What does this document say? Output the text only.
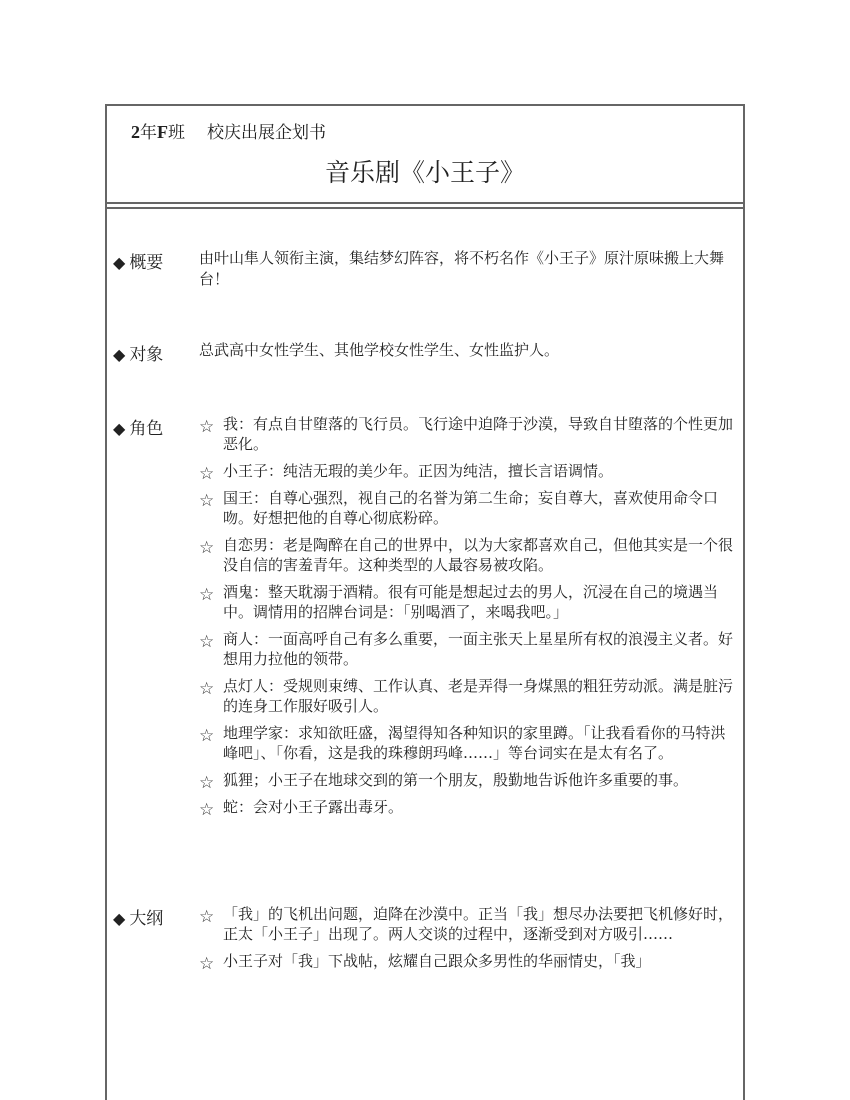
2年F班 校庆出展企划书
音乐剧《小王子》
◆ 概要 由叶山隼人领衔主演，集结梦幻阵容，将不朽名作《小王子》原汁原味搬上大舞台！
◆ 对象 总武高中女性学生、其他学校女性学生、女性监护人。
◆ 角色 ☆ 我：有点自甘堕落的飞行员。飞行途中迫降于沙漠，导致自甘堕落的个性更加恶化。
☆ 小王子：纯洁无瑕的美少年。正因为纯洁，擅长言语调情。
☆ 国王：自尊心强烈，视自己的名誉为第二生命；妄自尊大，喜欢使用命令口吻。好想把他的自尊心彻底粉碎。
☆ 自恋男：老是陶醉在自己的世界中，以为大家都喜欢自己，但他其实是一个很没自信的害羞青年。这种类型的人最容易被攻陷。
☆ 酒鬼：整天耽溺于酒精。很有可能是想起过去的男人，沉浸在自己的境遇当中。调情用的招牌台词是：「别喝酒了，来喝我吧。」
☆ 商人：一面高呼自己有多么重要，一面主张天上星星所有权的浪漫主义者。好想用力拉他的领带。
☆ 点灯人：受规则束缚、工作认真、老是弄得一身煤黑的粗狂劳动派。满是脏污的连身工作服好吸引人。
☆ 地理学家：求知欲旺盛，渴望得知各种知识的家里蹲。「让我看看你的马特洪峰吧」、「你看，这是我的珠穆朗玛峰……」等台词实在是太有名了。
☆ 狐狸；小王子在地球交到的第一个朋友，殷勤地告诉他许多重要的事。
☆ 蛇：会对小王子露出毒牙。
◆ 大纲 ☆ 「我」的飞机出问题，迫降在沙漠中。正当「我」想尽办法要把飞机修好时，正太「小王子」出现了。两人交谈的过程中，逐渐受到对方吸引……
☆ 小王子对「我」下战帖，炫耀自己跟众多男性的华丽情史，「我」
